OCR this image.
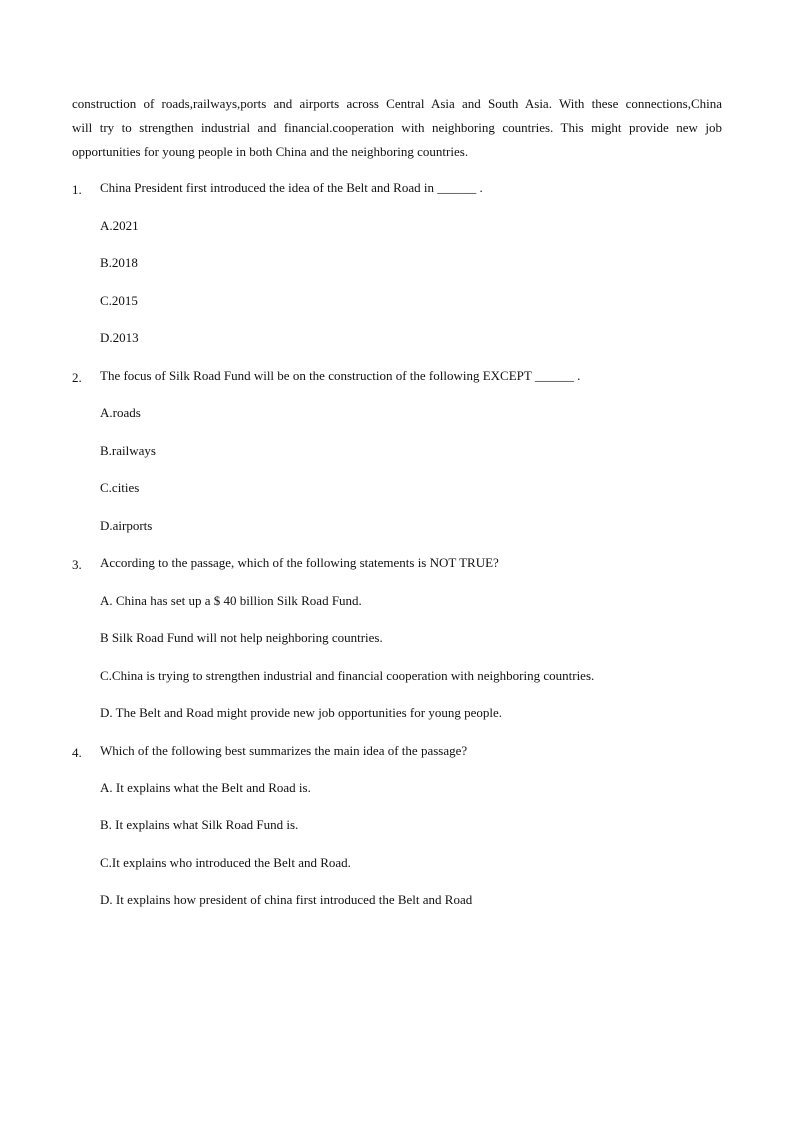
construction of roads,railways,ports and airports across Central Asia and South Asia. With these connections,China
will try to strengthen industrial and financial.cooperation with neighboring countries. This might provide new job
opportunities for young people in both China and the neighboring countries.
1. China President first introduced the idea of the Belt and Road in ______ .
A.2021
B.2018
C.2015
D.2013
2. The focus of Silk Road Fund will be on the construction of the following EXCEPT ______ .
A.roads
B.railways
C.cities
D.airports
3. According to the passage, which of the following statements is NOT TRUE?
A. China has set up a $ 40 billion Silk Road Fund.
B Silk Road Fund will not help neighboring countries.
C.China is trying to strengthen industrial and financial cooperation with neighboring countries.
D. The Belt and Road might provide new job opportunities for young people.
4. Which of the following best summarizes the main idea of the passage?
A. It explains what the Belt and Road is.
B. It explains what Silk Road Fund is.
C.It explains who introduced the Belt and Road.
D. It explains how president of china first introduced the Belt and Road
